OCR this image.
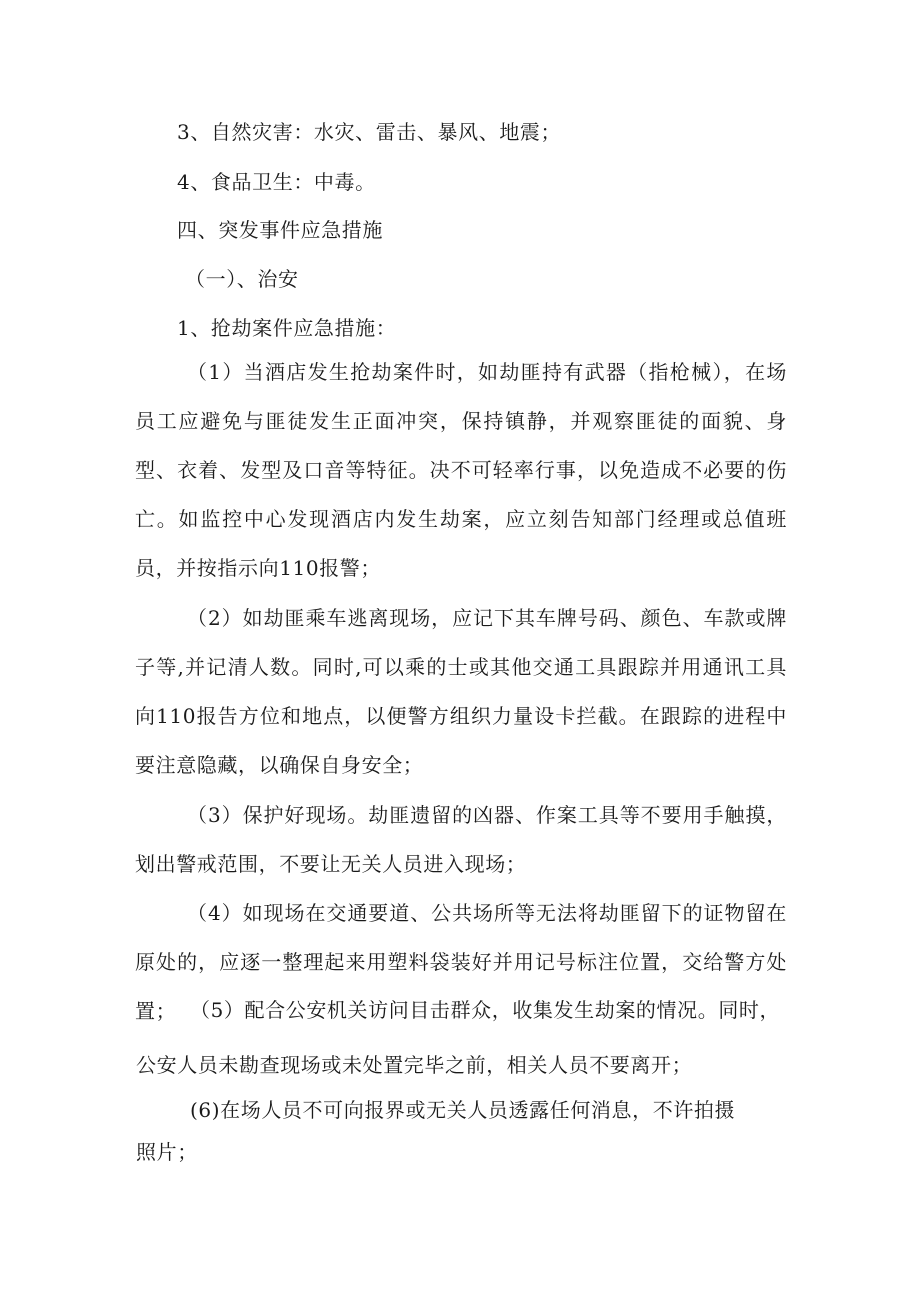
3、自然灾害：水灾、雷击、暴风、地震；

4、食品卫生：中毒。

四、突发事件应急措施

（一）、治安

1、抢劫案件应急措施：

（1）当酒店发生抢劫案件时，如劫匪持有武器（指枪械），在场员工应避免与匪徒发生正面冲突，保持镇静，并观察匪徒的面貌、身型、衣着、发型及口音等特征。决不可轻率行事，以免造成不必要的伤亡。如监控中心发现酒店内发生劫案，应立刻告知部门经理或总值班员，并按指示向110报警；

（2）如劫匪乘车逃离现场，应记下其车牌号码、颜色、车款或牌子等,并记清人数。同时,可以乘的士或其他交通工具跟踪并用通讯工具向110报告方位和地点，以便警方组织力量设卡拦截。在跟踪的进程中要注意隐藏，以确保自身安全；

（3）保护好现场。劫匪遗留的凶器、作案工具等不要用手触摸，划出警戒范围，不要让无关人员进入现场；

（4）如现场在交通要道、公共场所等无法将劫匪留下的证物留在原处的，应逐一整理起来用塑料袋装好并用记号标注位置，交给警方处置； （5）配合公安机关访问目击群众，收集发生劫案的情况。同时，

公安人员未勘查现场或未处置完毕之前，相关人员不要离开；

(6)在场人员不可向报界或无关人员透露任何消息，不许拍摄

照片；
